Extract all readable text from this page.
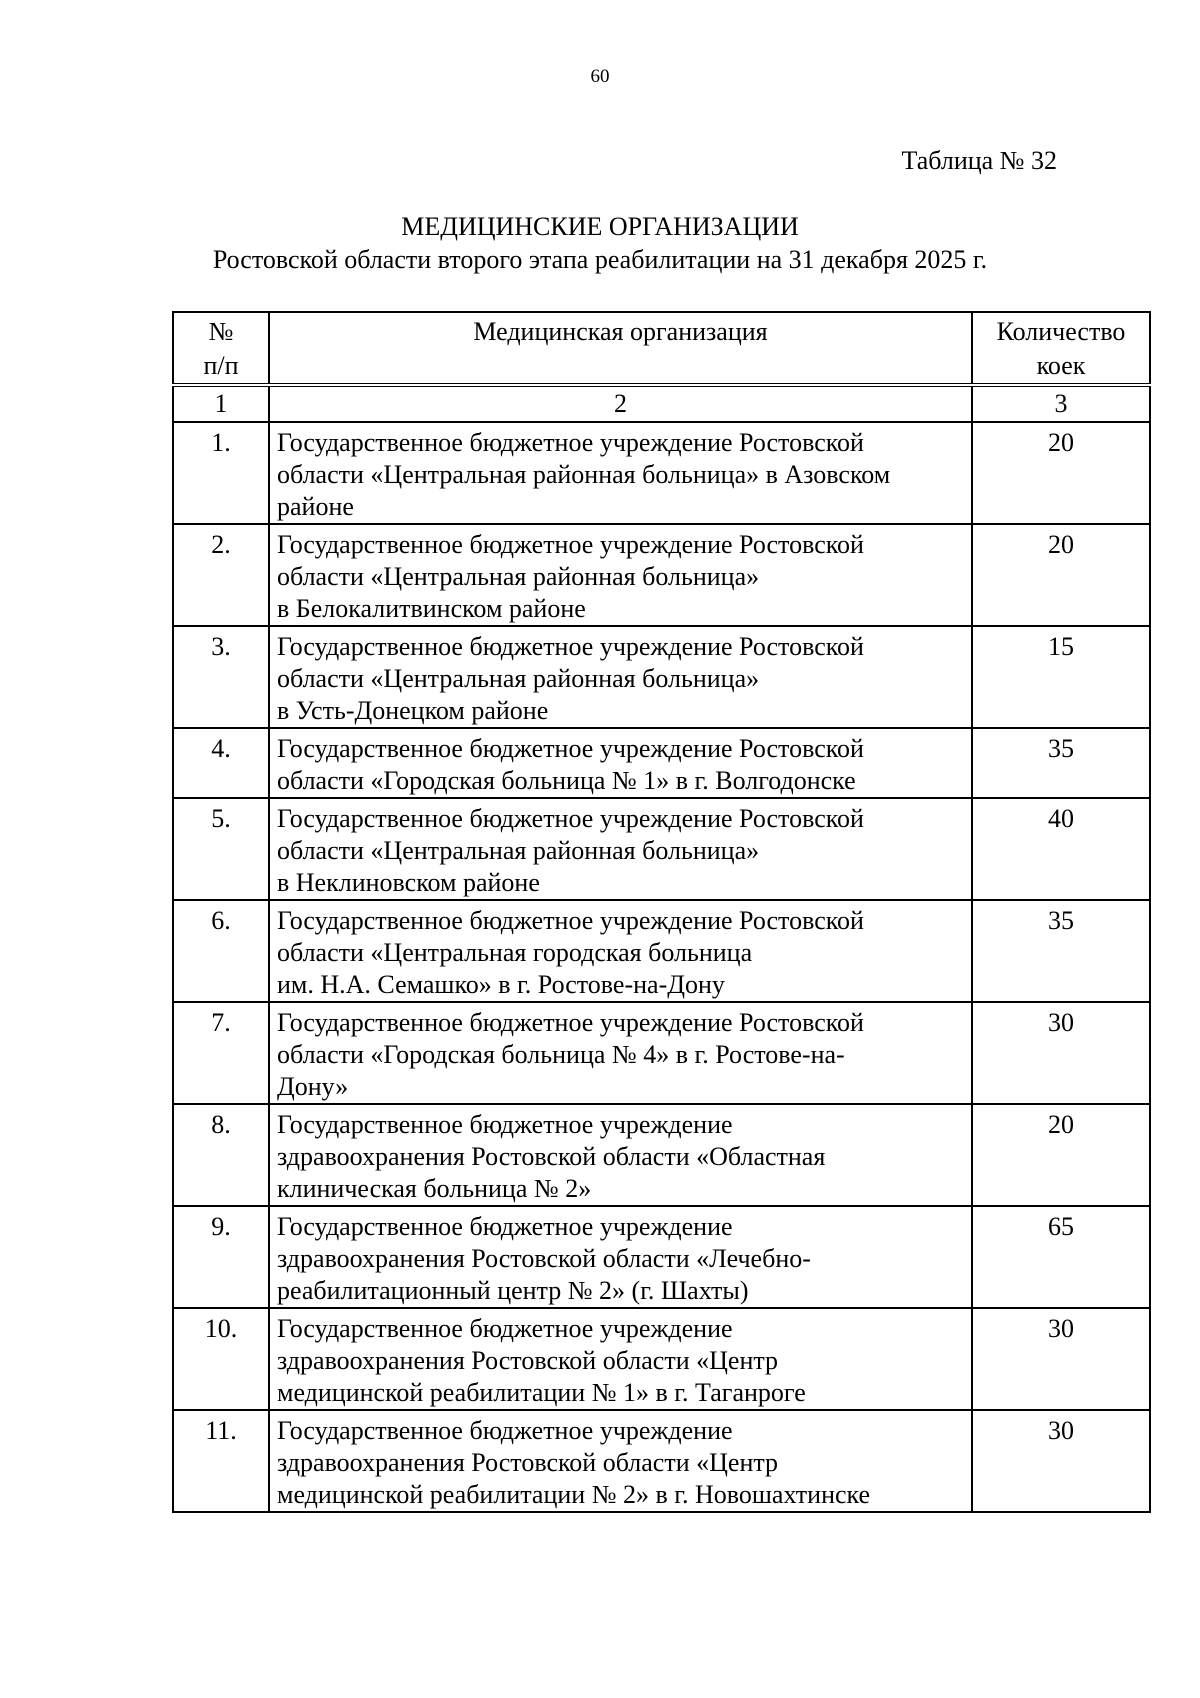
60
Таблица № 32
МЕДИЦИНСКИЕ ОРГАНИЗАЦИИ
Ростовской области второго этапа реабилитации на 31 декабря 2025 г.
№
п/п	Медицинская организация	Количество
коек
1	2	3
1.	Государственное бюджетное учреждение Ростовской
области «Центральная районная больница» в Азовском
районе	20
2.	Государственное бюджетное учреждение Ростовской
области «Центральная районная больница»
в Белокалитвинском районе	20
3.	Государственное бюджетное учреждение Ростовской
области «Центральная районная больница»
в Усть-Донецком районе	15
4.	Государственное бюджетное учреждение Ростовской
области «Городская больница № 1» в г. Волгодонске	35
5.	Государственное бюджетное учреждение Ростовской
области «Центральная районная больница»
в Неклиновском районе	40
6.	Государственное бюджетное учреждение Ростовской
области «Центральная городская больница
им. Н.А. Семашко» в г. Ростове-на-Дону	35
7.	Государственное бюджетное учреждение Ростовской
области «Городская больница № 4» в г. Ростове-на-
Дону»	30
8.	Государственное бюджетное учреждение
здравоохранения Ростовской области «Областная
клиническая больница № 2»	20
9.	Государственное бюджетное учреждение
здравоохранения Ростовской области «Лечебно-
реабилитационный центр № 2» (г. Шахты)	65
10.	Государственное бюджетное учреждение
здравоохранения Ростовской области «Центр
медицинской реабилитации № 1» в г. Таганроге	30
11.	Государственное бюджетное учреждение
здравоохранения Ростовской области «Центр
медицинской реабилитации № 2» в г. Новошахтинске	30
